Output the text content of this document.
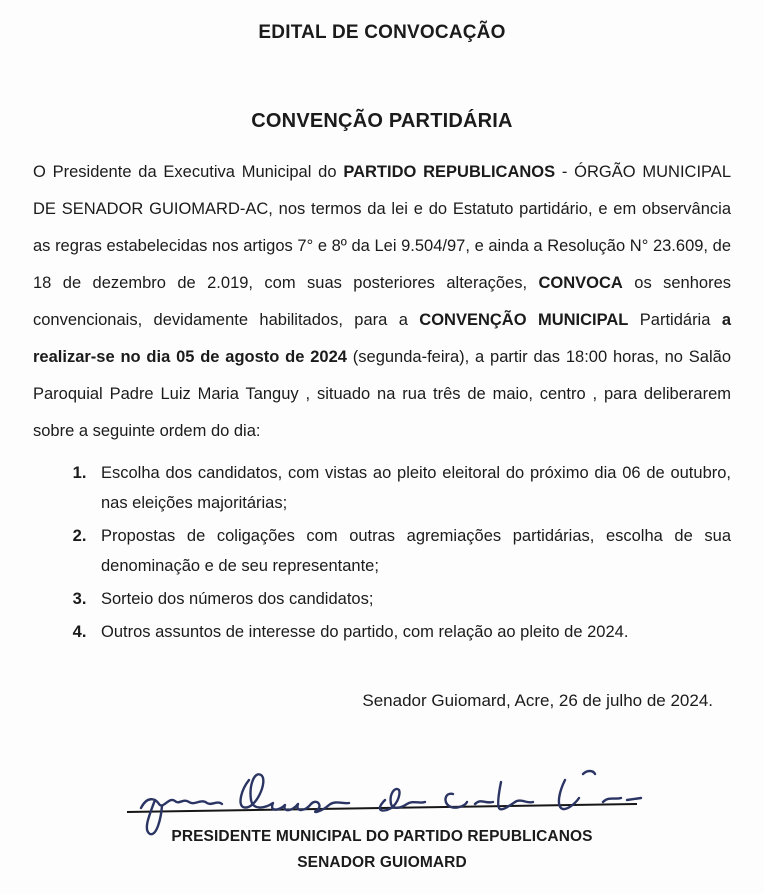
EDITAL DE CONVOCAÇÃO
CONVENÇÃO PARTIDÁRIA

O Presidente da Executiva Municipal do PARTIDO REPUBLICANOS - ÓRGÃO MUNICIPAL DE SENADOR GUIOMARD-AC, nos termos da lei e do Estatuto partidário, e em observância as regras estabelecidas nos artigos 7° e 8º da Lei 9.504/97, e ainda a Resolução N° 23.609, de 18 de dezembro de 2.019, com suas posteriores alterações, CONVOCA os senhores convencionais, devidamente habilitados, para a CONVENÇÃO MUNICIPAL Partidária a realizar-se no dia 05 de agosto de 2024 (segunda-feira), a partir das 18:00 horas, no Salão Paroquial Padre Luiz Maria Tanguy , situado na rua três de maio, centro , para deliberarem sobre a seguinte ordem do dia:

1. Escolha dos candidatos, com vistas ao pleito eleitoral do próximo dia 06 de outubro, nas eleições majoritárias;
2. Propostas de coligações com outras agremiações partidárias, escolha de sua denominação e de seu representante;
3. Sorteio dos números dos candidatos;
4. Outros assuntos de interesse do partido, com relação ao pleito de 2024.
Senador Guiomard, Acre, 26 de julho de 2024.
PRESIDENTE MUNICIPAL DO PARTIDO REPUBLICANOS
SENADOR GUIOMARD
